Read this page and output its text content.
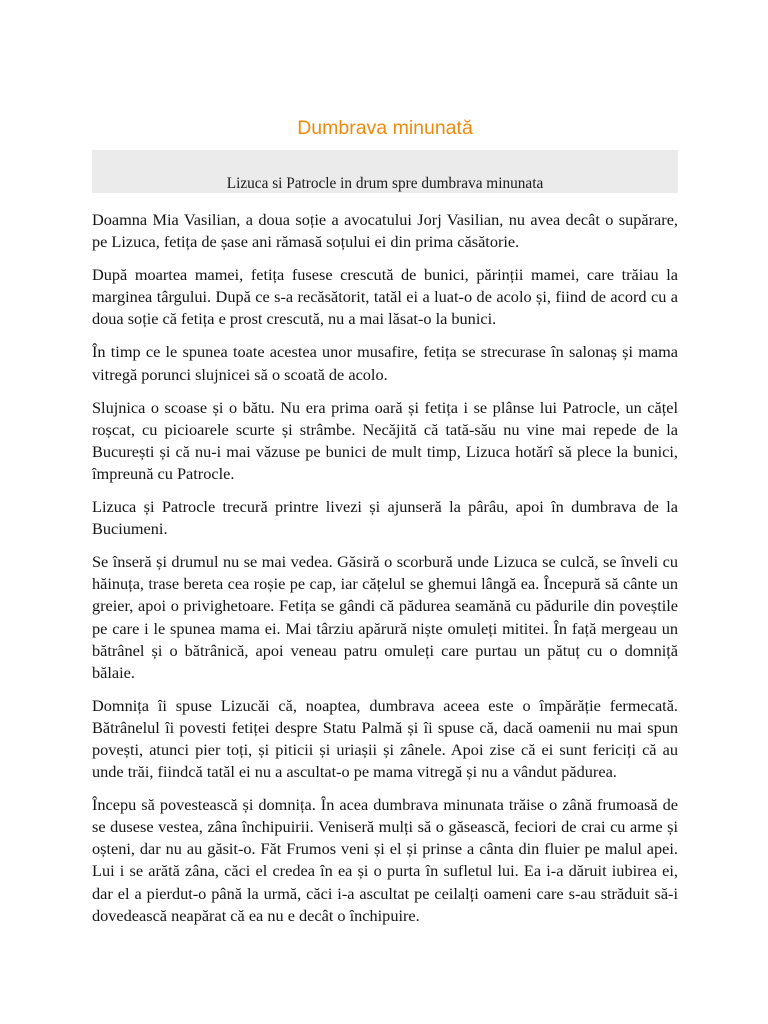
Dumbrava minunată
Lizuca si Patrocle in drum spre dumbrava minunata

Doamna Mia Vasilian, a doua soție a avocatului Jorj Vasilian, nu avea decât o supărare, pe Lizuca, fetița de șase ani rămasă soțului ei din prima căsătorie.

După moartea mamei, fetița fusese crescută de bunici, părinții mamei, care trăiau la marginea târgului. După ce s-a recăsătorit, tatăl ei a luat-o de acolo și, fiind de acord cu a doua soție că fetița e prost crescută, nu a mai lăsat-o la bunici.

În timp ce le spunea toate acestea unor musafire, fetița se strecurase în salonaș și mama vitregă porunci slujnicei să o scoată de acolo.

Slujnica o scoase și o bătu. Nu era prima oară și fetița i se plânse lui Patrocle, un cățel roșcat, cu picioarele scurte și strâmbe. Necăjită că tată-său nu vine mai repede de la București și că nu-i mai văzuse pe bunici de mult timp, Lizuca hotărî să plece la bunici, împreună cu Patrocle.

Lizuca și Patrocle trecură printre livezi și ajunseră la pârâu, apoi în dumbrava de la Buciumeni.

Se înseră și drumul nu se mai vedea. Găsiră o scorbură unde Lizuca se culcă, se înveli cu hăinuța, trase bereta cea roșie pe cap, iar cățelul se ghemui lângă ea. Începură să cânte un greier, apoi o privighetoare. Fetița se gândi că pădurea seamănă cu pădurile din poveștile pe care i le spunea mama ei. Mai târziu apărură niște omuleți mititei. În față mergeau un bătrânel și o bătrânică, apoi veneau patru omuleți care purtau un pătuț cu o domniță bălaie.

Domnița îi spuse Lizucăi că, noaptea, dumbrava aceea este o împărăție fermecată. Bătrânelul îi povesti fetiței despre Statu Palmă și îi spuse că, dacă oamenii nu mai spun povești, atunci pier toți, și piticii și uriașii și zânele. Apoi zise că ei sunt fericiți că au unde trăi, fiindcă tatăl ei nu a ascultat-o pe mama vitregă și nu a vândut pădurea.

Începu să povestească și domnița. În acea dumbrava minunata trăise o zână frumoasă de se dusese vestea, zâna închipuirii. Veniseră mulți să o găsească, feciori de crai cu arme și oșteni, dar nu au găsit-o. Făt Frumos veni și el și prinse a cânta din fluier pe malul apei. Lui i se arătă zâna, căci el credea în ea și o purta în sufletul lui. Ea i-a dăruit iubirea ei, dar el a pierdut-o până la urmă, căci i-a ascultat pe ceilalți oameni care s-au străduit să-i dovedească neapărat că ea nu e decât o închipuire.
